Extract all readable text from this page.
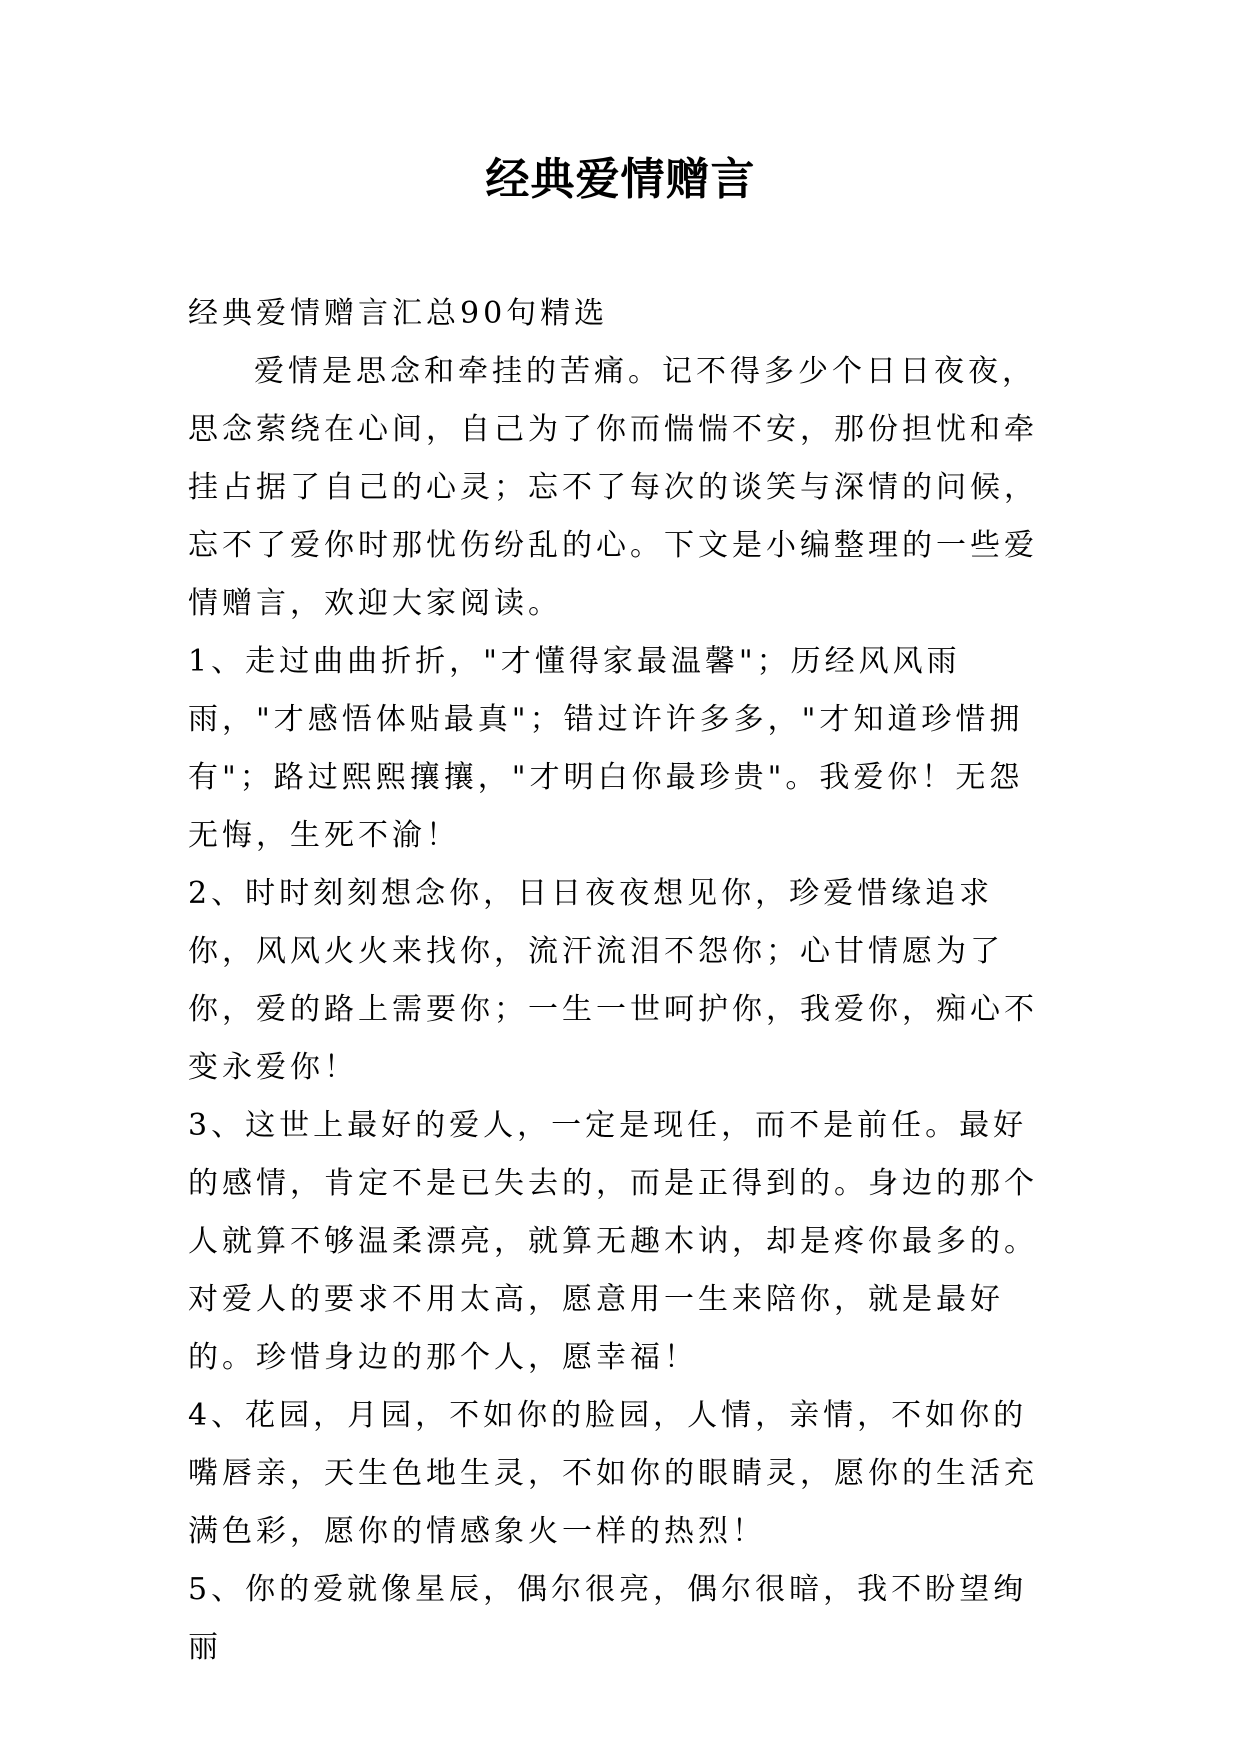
经典爱情赠言

经典爱情赠言汇总90句精选

爱情是思念和牵挂的苦痛。记不得多少个日日夜夜，思念萦绕在心间，自己为了你而惴惴不安，那份担忧和牵挂占据了自己的心灵；忘不了每次的谈笑与深情的问候，忘不了爱你时那忧伤纷乱的心。下文是小编整理的一些爱情赠言，欢迎大家阅读。

1、走过曲曲折折，"才懂得家最温馨"；历经风风雨雨，"才感悟体贴最真"；错过许许多多，"才知道珍惜拥有"；路过熙熙攘攘，"才明白你最珍贵"。我爱你！无怨无悔，生死不渝！

2、时时刻刻想念你，日日夜夜想见你，珍爱惜缘追求你，风风火火来找你，流汗流泪不怨你；心甘情愿为了你，爱的路上需要你；一生一世呵护你，我爱你，痴心不变永爱你！

3、这世上最好的爱人，一定是现任，而不是前任。最好的感情，肯定不是已失去的，而是正得到的。身边的那个人就算不够温柔漂亮，就算无趣木讷，却是疼你最多的。对爱人的要求不用太高，愿意用一生来陪你，就是最好的。珍惜身边的那个人，愿幸福！

4、花园，月园，不如你的脸园，人情，亲情，不如你的嘴唇亲，天生色地生灵，不如你的眼睛灵，愿你的生活充满色彩，愿你的情感象火一样的热烈！

5、你的爱就像星辰，偶尔很亮，偶尔很暗，我不盼望绚丽
